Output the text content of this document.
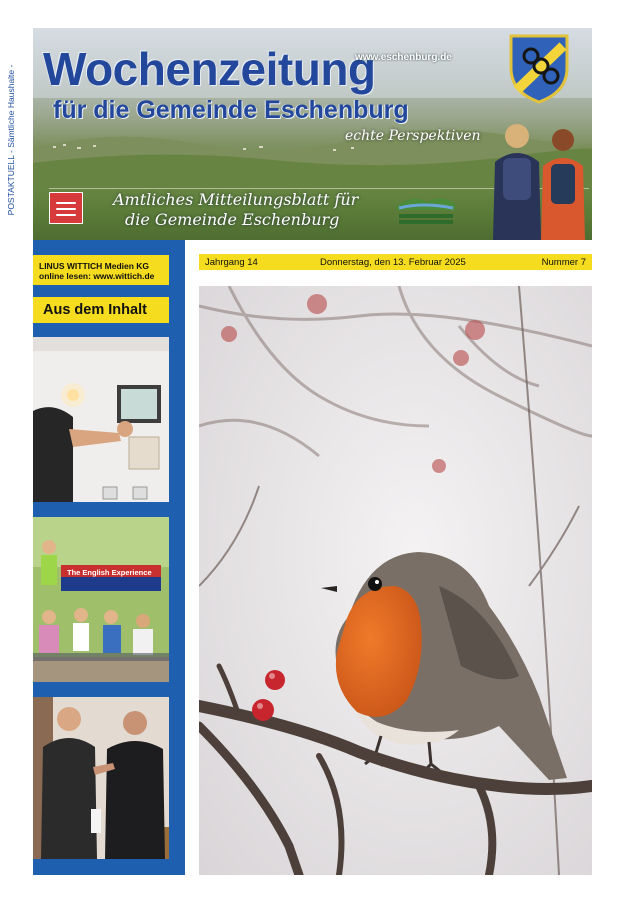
POSTAKTUELL - Sämtliche Haushalte - Wochenzeitung
für die Gemeinde Eschenburg
www.eschenburg.de
echte Perspektiven
Amtliches Mitteilungsblatt für
die Gemeinde Eschenburg
LINUS WITTICH Medien KG
online lesen: www.wittich.de
Aus dem Inhalt
The English Experience
Jahrgang 14	Donnerstag, den 13. Februar 2025	Nummer 7
